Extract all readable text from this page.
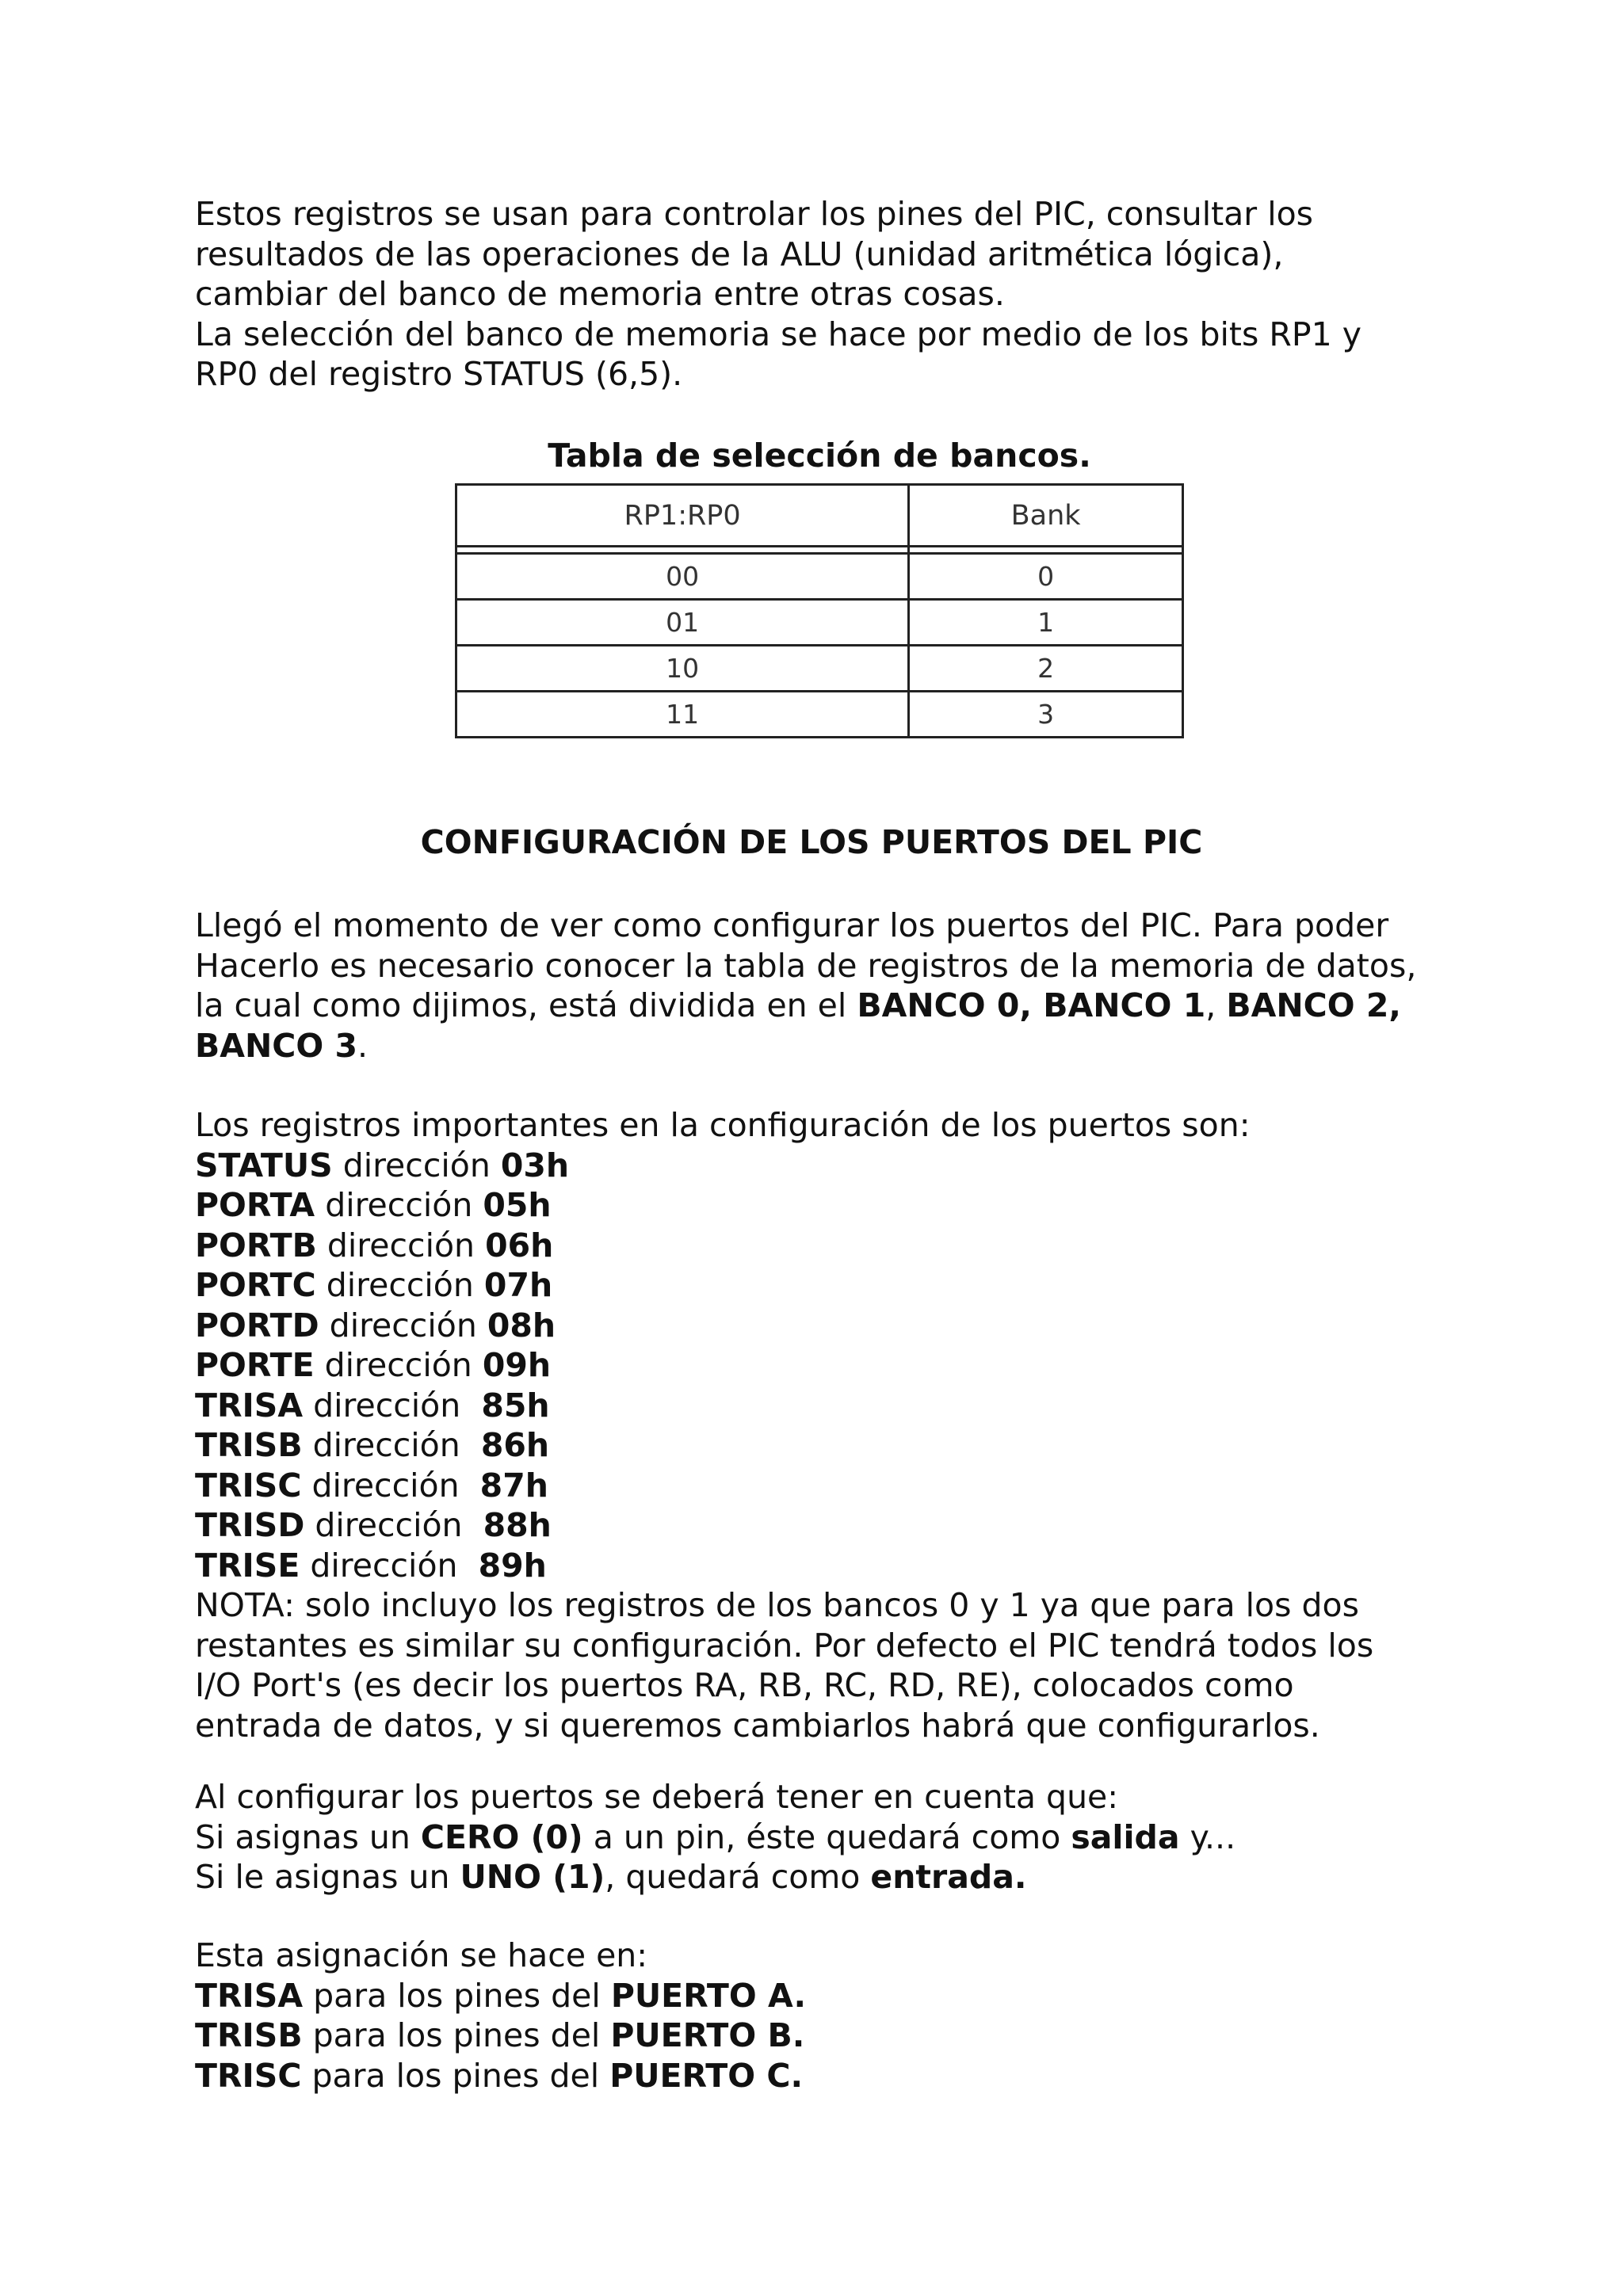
Estos registros se usan para controlar los pines del PIC, consultar los

resultados de las operaciones de la ALU (unidad aritmética lógica),

cambiar del banco de memoria entre otras cosas.

La selección del banco de memoria se hace por medio de los bits RP1 y

RP0 del registro STATUS (6,5).

Tabla de selección de bancos.
RP1:RP0	Bank

00	0
01	1
10	2
11	3
CONFIGURACIÓN DE LOS PUERTOS DEL PIC

Llegó el momento de ver como configurar los puertos del PIC. Para poder

Hacerlo es necesario conocer la tabla de registros de la memoria de datos,

la cual como dijimos, está dividida en el BANCO 0, BANCO 1, BANCO 2,

BANCO 3.

Los registros importantes en la configuración de los puertos son:

STATUS dirección 03h

PORTA dirección 05h

PORTB dirección 06h

PORTC dirección 07h

PORTD dirección 08h

PORTE dirección 09h

TRISA dirección  85h

TRISB dirección  86h

TRISC dirección  87h

TRISD dirección  88h

TRISE dirección  89h

NOTA: solo incluyo los registros de los bancos 0 y 1 ya que para los dos

restantes es similar su configuración. Por defecto el PIC tendrá todos los

I/O Port's (es decir los puertos RA, RB, RC, RD, RE), colocados como

entrada de datos, y si queremos cambiarlos habrá que configurarlos.

Al configurar los puertos se deberá tener en cuenta que:

Si asignas un CERO (0) a un pin, éste quedará como salida y...

Si le asignas un UNO (1), quedará como entrada.

Esta asignación se hace en:

TRISA para los pines del PUERTO A.

TRISB para los pines del PUERTO B.

TRISC para los pines del PUERTO C.
